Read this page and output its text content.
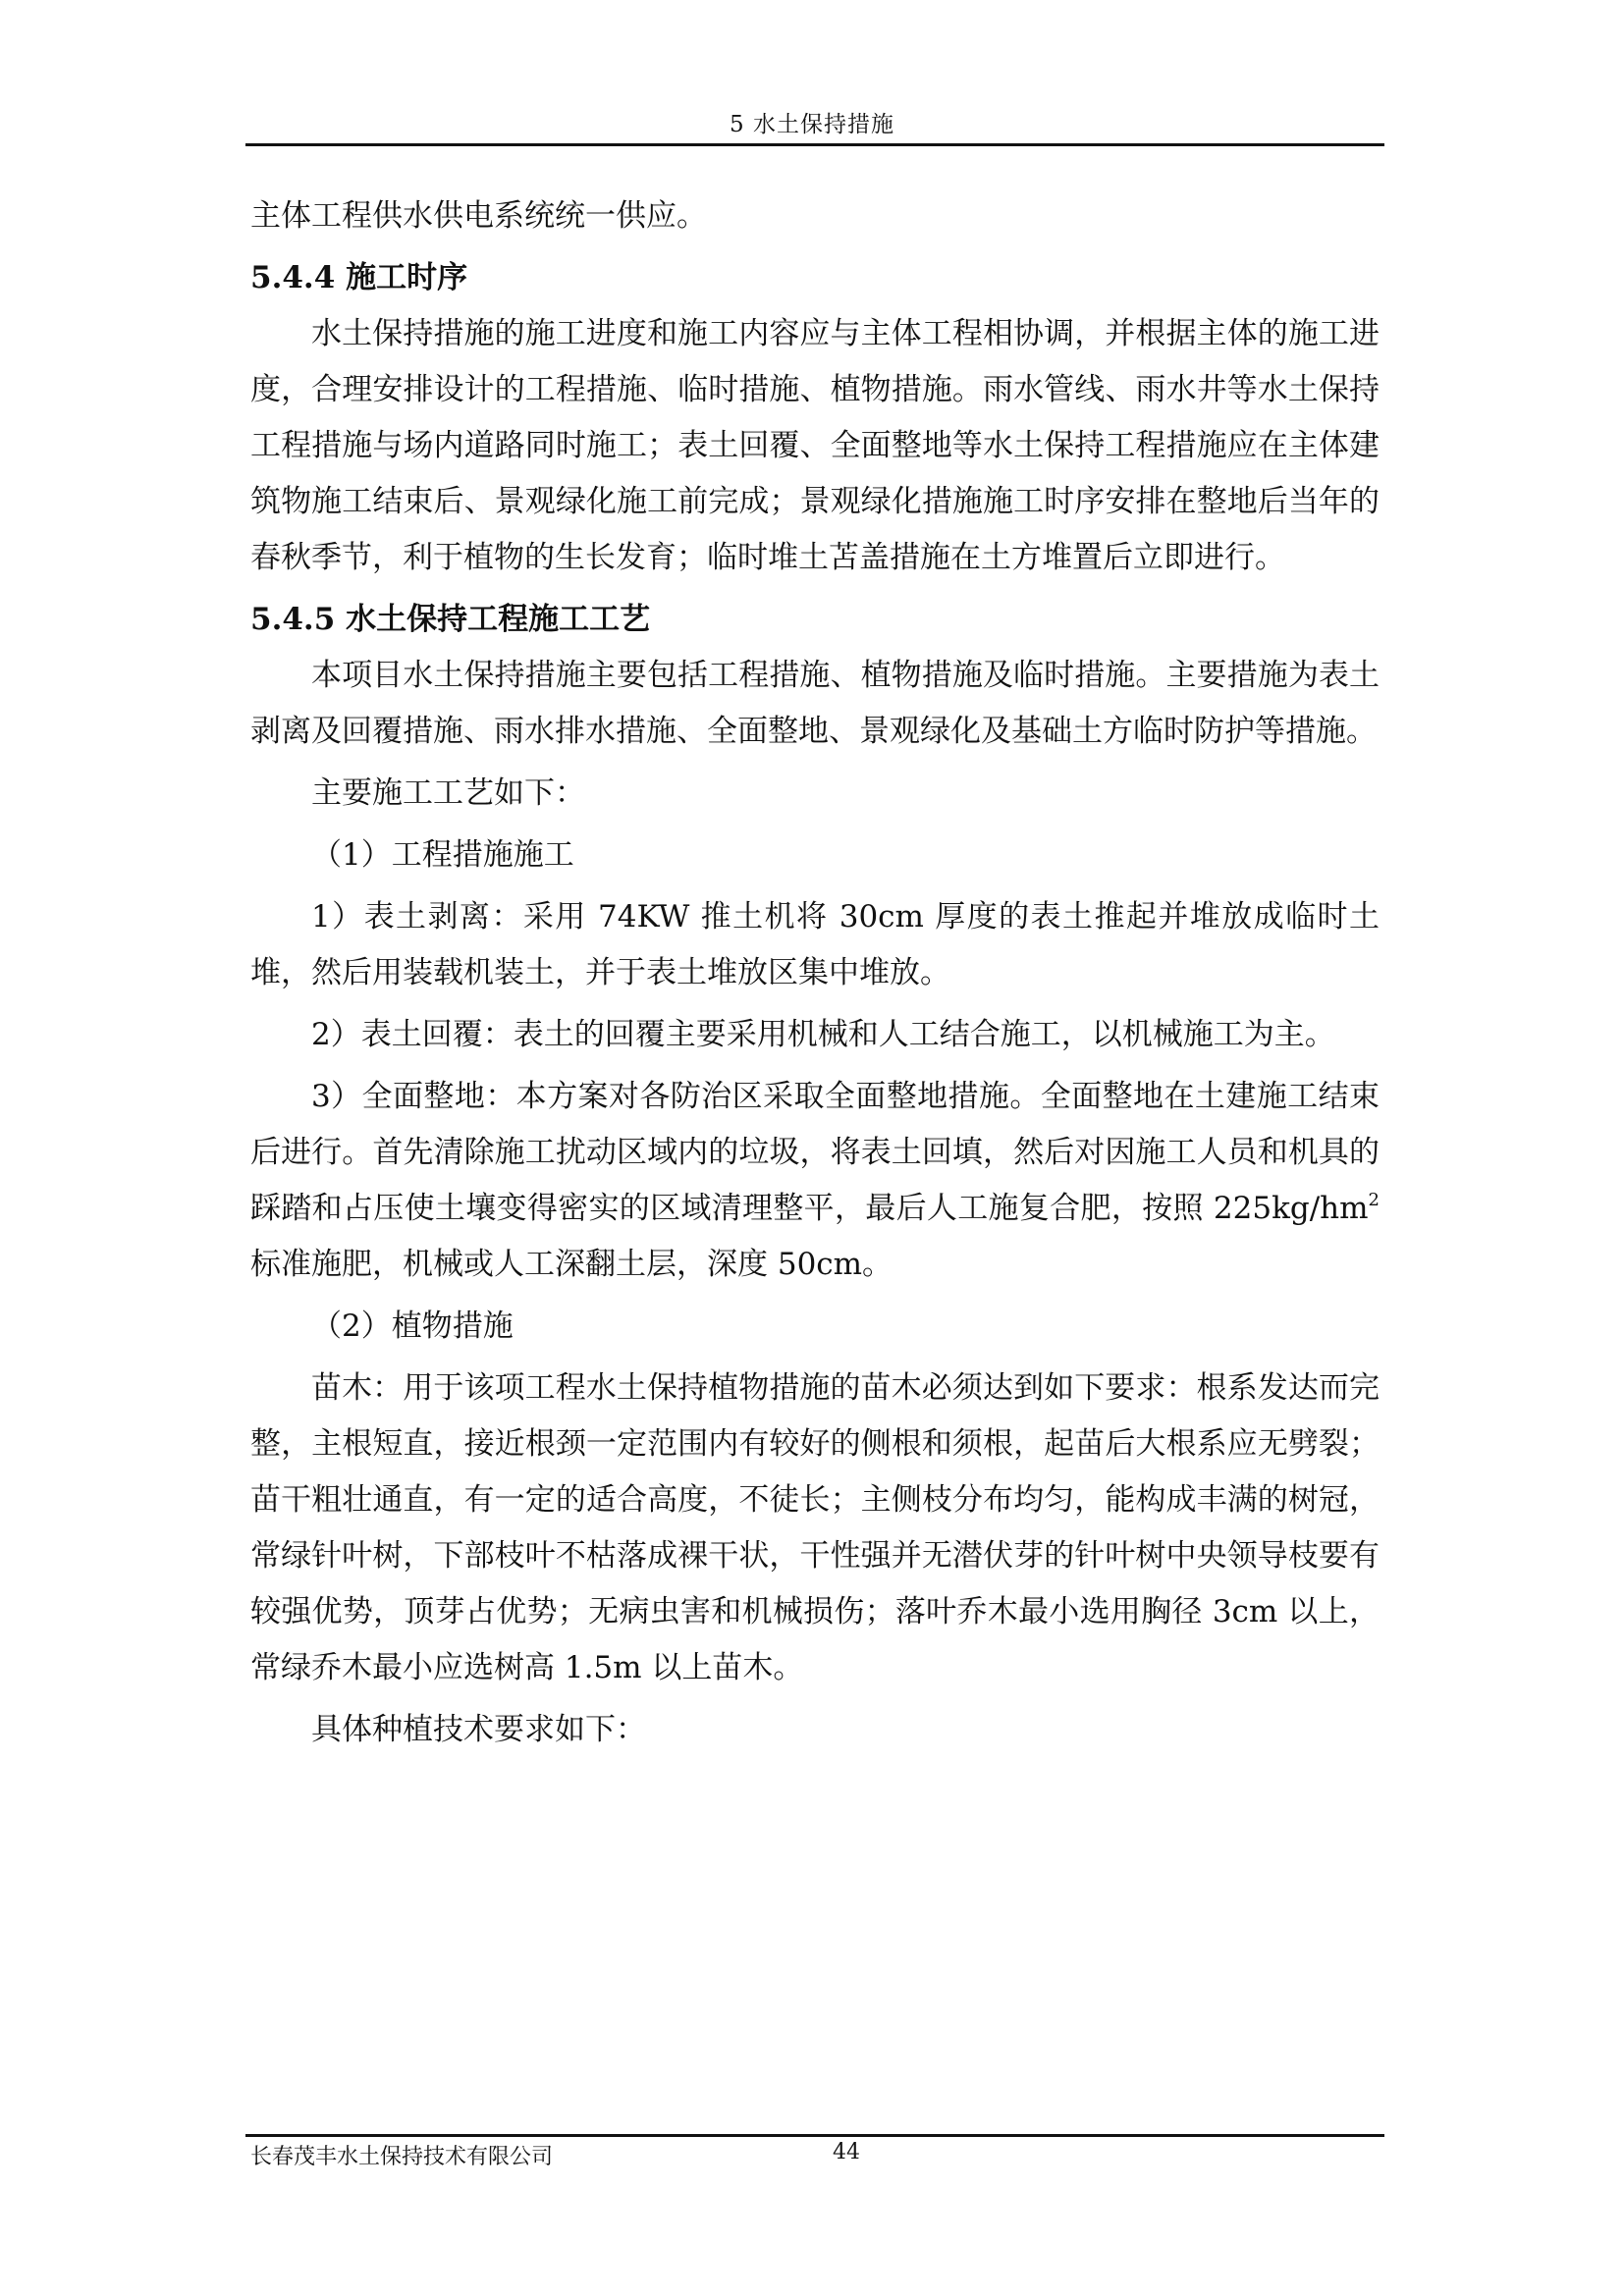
5 水土保持措施

主体工程供水供电系统统一供应。

5.4.4 施工时序

水土保持措施的施工进度和施工内容应与主体工程相协调，并根据主体的施工进度，合理安排设计的工程措施、临时措施、植物措施。雨水管线、雨水井等水土保持工程措施与场内道路同时施工；表土回覆、全面整地等水土保持工程措施应在主体建筑物施工结束后、景观绿化施工前完成；景观绿化措施施工时序安排在整地后当年的春秋季节，利于植物的生长发育；临时堆土苫盖措施在土方堆置后立即进行。

5.4.5 水土保持工程施工工艺

本项目水土保持措施主要包括工程措施、植物措施及临时措施。主要措施为表土剥离及回覆措施、雨水排水措施、全面整地、景观绿化及基础土方临时防护等措施。

主要施工工艺如下：

（1）工程措施施工

1）表土剥离：采用 74KW 推土机将 30cm 厚度的表土推起并堆放成临时土堆，然后用装载机装土，并于表土堆放区集中堆放。

2）表土回覆：表土的回覆主要采用机械和人工结合施工，以机械施工为主。

3）全面整地：本方案对各防治区采取全面整地措施。全面整地在土建施工结束后进行。首先清除施工扰动区域内的垃圾，将表土回填，然后对因施工人员和机具的踩踏和占压使土壤变得密实的区域清理整平，最后人工施复合肥，按照 $225kg/hm^2$ 标准施肥，机械或人工深翻土层，深度 50cm。

（2）植物措施

苗木：用于该项工程水土保持植物措施的苗木必须达到如下要求：根系发达而完整，主根短直，接近根颈一定范围内有较好的侧根和须根，起苗后大根系应无劈裂；苗干粗壮通直，有一定的适合高度，不徒长；主侧枝分布均匀，能构成丰满的树冠，常绿针叶树，下部枝叶不枯落成裸干状，干性强并无潜伏芽的针叶树中央领导枝要有较强优势，顶芽占优势；无病虫害和机械损伤；落叶乔木最小选用胸径 3cm 以上，常绿乔木最小应选树高 1.5m 以上苗木。

具体种植技术要求如下：

长春茂丰水土保持技术有限公司	44
